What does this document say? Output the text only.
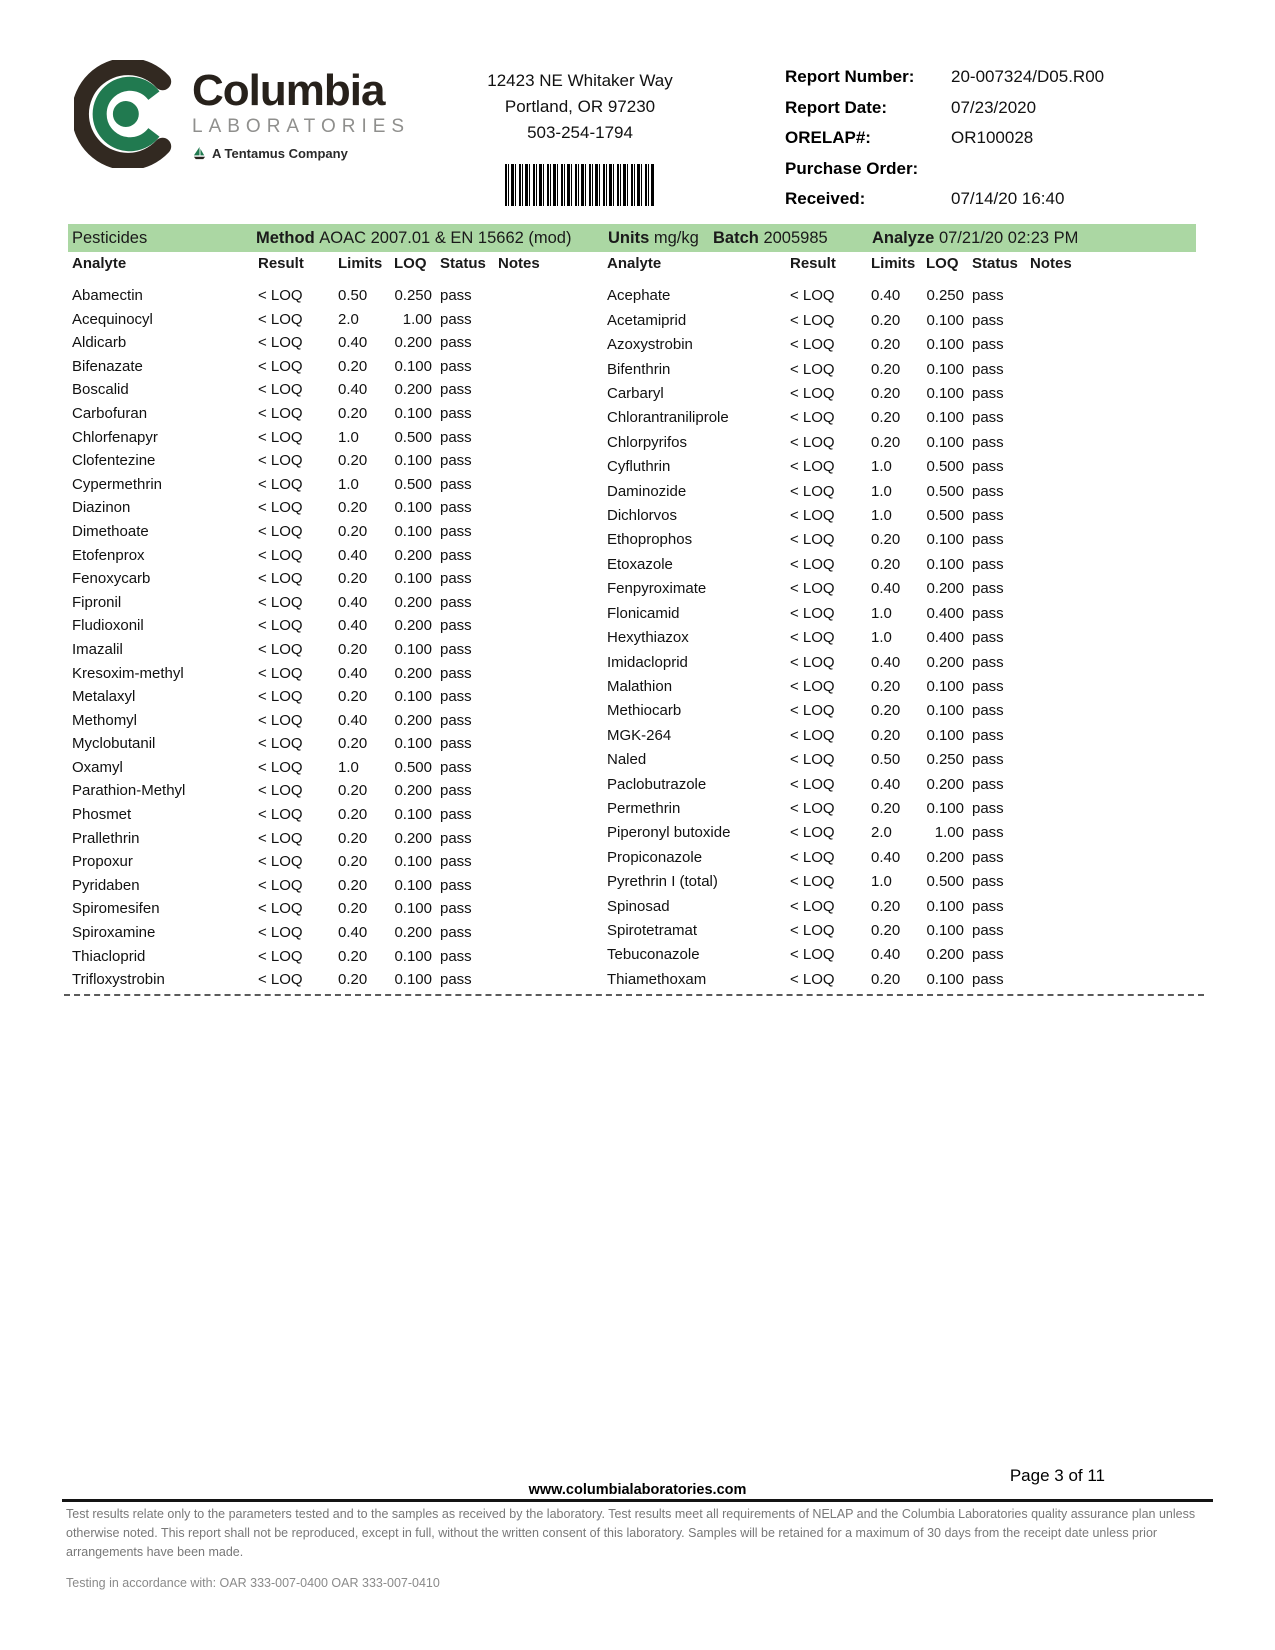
Columbia
LABORATORIES
A Tentamus Company
12423 NE Whitaker Way
Portland, OR 97230
503-254-1794
Report Number:	20-007324/D05.R00
Report Date:	07/23/2020
ORELAP#:	OR100028
Purchase Order:
Received:	07/14/20 16:40
Pesticides	Method AOAC 2007.01 & EN 15662 (mod) Units mg/kg Batch 2005985	Analyze 07/21/20 02:23 PM
Analyte	Result	Limits	LOQ	Status	Notes
Abamectin	< LOQ	0.50	0.250	pass	
Acequinocyl	< LOQ	2.0	1.00	pass	
Aldicarb	< LOQ	0.40	0.200	pass	
Bifenazate	< LOQ	0.20	0.100	pass	
Boscalid	< LOQ	0.40	0.200	pass	
Carbofuran	< LOQ	0.20	0.100	pass	
Chlorfenapyr	< LOQ	1.0	0.500	pass	
Clofentezine	< LOQ	0.20	0.100	pass	
Cypermethrin	< LOQ	1.0	0.500	pass	
Diazinon	< LOQ	0.20	0.100	pass	
Dimethoate	< LOQ	0.20	0.100	pass	
Etofenprox	< LOQ	0.40	0.200	pass	
Fenoxycarb	< LOQ	0.20	0.100	pass	
Fipronil	< LOQ	0.40	0.200	pass	
Fludioxonil	< LOQ	0.40	0.200	pass	
Imazalil	< LOQ	0.20	0.100	pass	
Kresoxim-methyl	< LOQ	0.40	0.200	pass	
Metalaxyl	< LOQ	0.20	0.100	pass	
Methomyl	< LOQ	0.40	0.200	pass	
Myclobutanil	< LOQ	0.20	0.100	pass	
Oxamyl	< LOQ	1.0	0.500	pass	
Parathion-Methyl	< LOQ	0.20	0.200	pass	
Phosmet	< LOQ	0.20	0.100	pass	
Prallethrin	< LOQ	0.20	0.200	pass	
Propoxur	< LOQ	0.20	0.100	pass	
Pyridaben	< LOQ	0.20	0.100	pass	
Spiromesifen	< LOQ	0.20	0.100	pass	
Spiroxamine	< LOQ	0.40	0.200	pass	
Thiacloprid	< LOQ	0.20	0.100	pass	
Trifloxystrobin	< LOQ	0.20	0.100	pass	
Analyte	Result	Limits	LOQ	Status	Notes
Acephate	< LOQ	0.40	0.250	pass	
Acetamiprid	< LOQ	0.20	0.100	pass	
Azoxystrobin	< LOQ	0.20	0.100	pass	
Bifenthrin	< LOQ	0.20	0.100	pass	
Carbaryl	< LOQ	0.20	0.100	pass	
Chlorantraniliprole	< LOQ	0.20	0.100	pass	
Chlorpyrifos	< LOQ	0.20	0.100	pass	
Cyfluthrin	< LOQ	1.0	0.500	pass	
Daminozide	< LOQ	1.0	0.500	pass	
Dichlorvos	< LOQ	1.0	0.500	pass	
Ethoprophos	< LOQ	0.20	0.100	pass	
Etoxazole	< LOQ	0.20	0.100	pass	
Fenpyroximate	< LOQ	0.40	0.200	pass	
Flonicamid	< LOQ	1.0	0.400	pass	
Hexythiazox	< LOQ	1.0	0.400	pass	
Imidacloprid	< LOQ	0.40	0.200	pass	
Malathion	< LOQ	0.20	0.100	pass	
Methiocarb	< LOQ	0.20	0.100	pass	
MGK-264	< LOQ	0.20	0.100	pass	
Naled	< LOQ	0.50	0.250	pass	
Paclobutrazole	< LOQ	0.40	0.200	pass	
Permethrin	< LOQ	0.20	0.100	pass	
Piperonyl butoxide	< LOQ	2.0	1.00	pass	
Propiconazole	< LOQ	0.40	0.200	pass	
Pyrethrin I (total)	< LOQ	1.0	0.500	pass	
Spinosad	< LOQ	0.20	0.100	pass	
Spirotetramat	< LOQ	0.20	0.100	pass	
Tebuconazole	< LOQ	0.40	0.200	pass	
Thiamethoxam	< LOQ	0.20	0.100	pass	
Page 3 of 11
www.columbialaboratories.com
Test results relate only to the parameters tested and to the samples as received by the laboratory. Test results meet all requirements of NELAP and the Columbia Laboratories quality assurance plan unless otherwise noted. This report shall not be reproduced, except in full, without the written consent of this laboratory. Samples will be retained for a maximum of 30 days from the receipt date unless prior arrangements have been made.
Testing in accordance with: OAR 333-007-0400 OAR 333-007-0410
